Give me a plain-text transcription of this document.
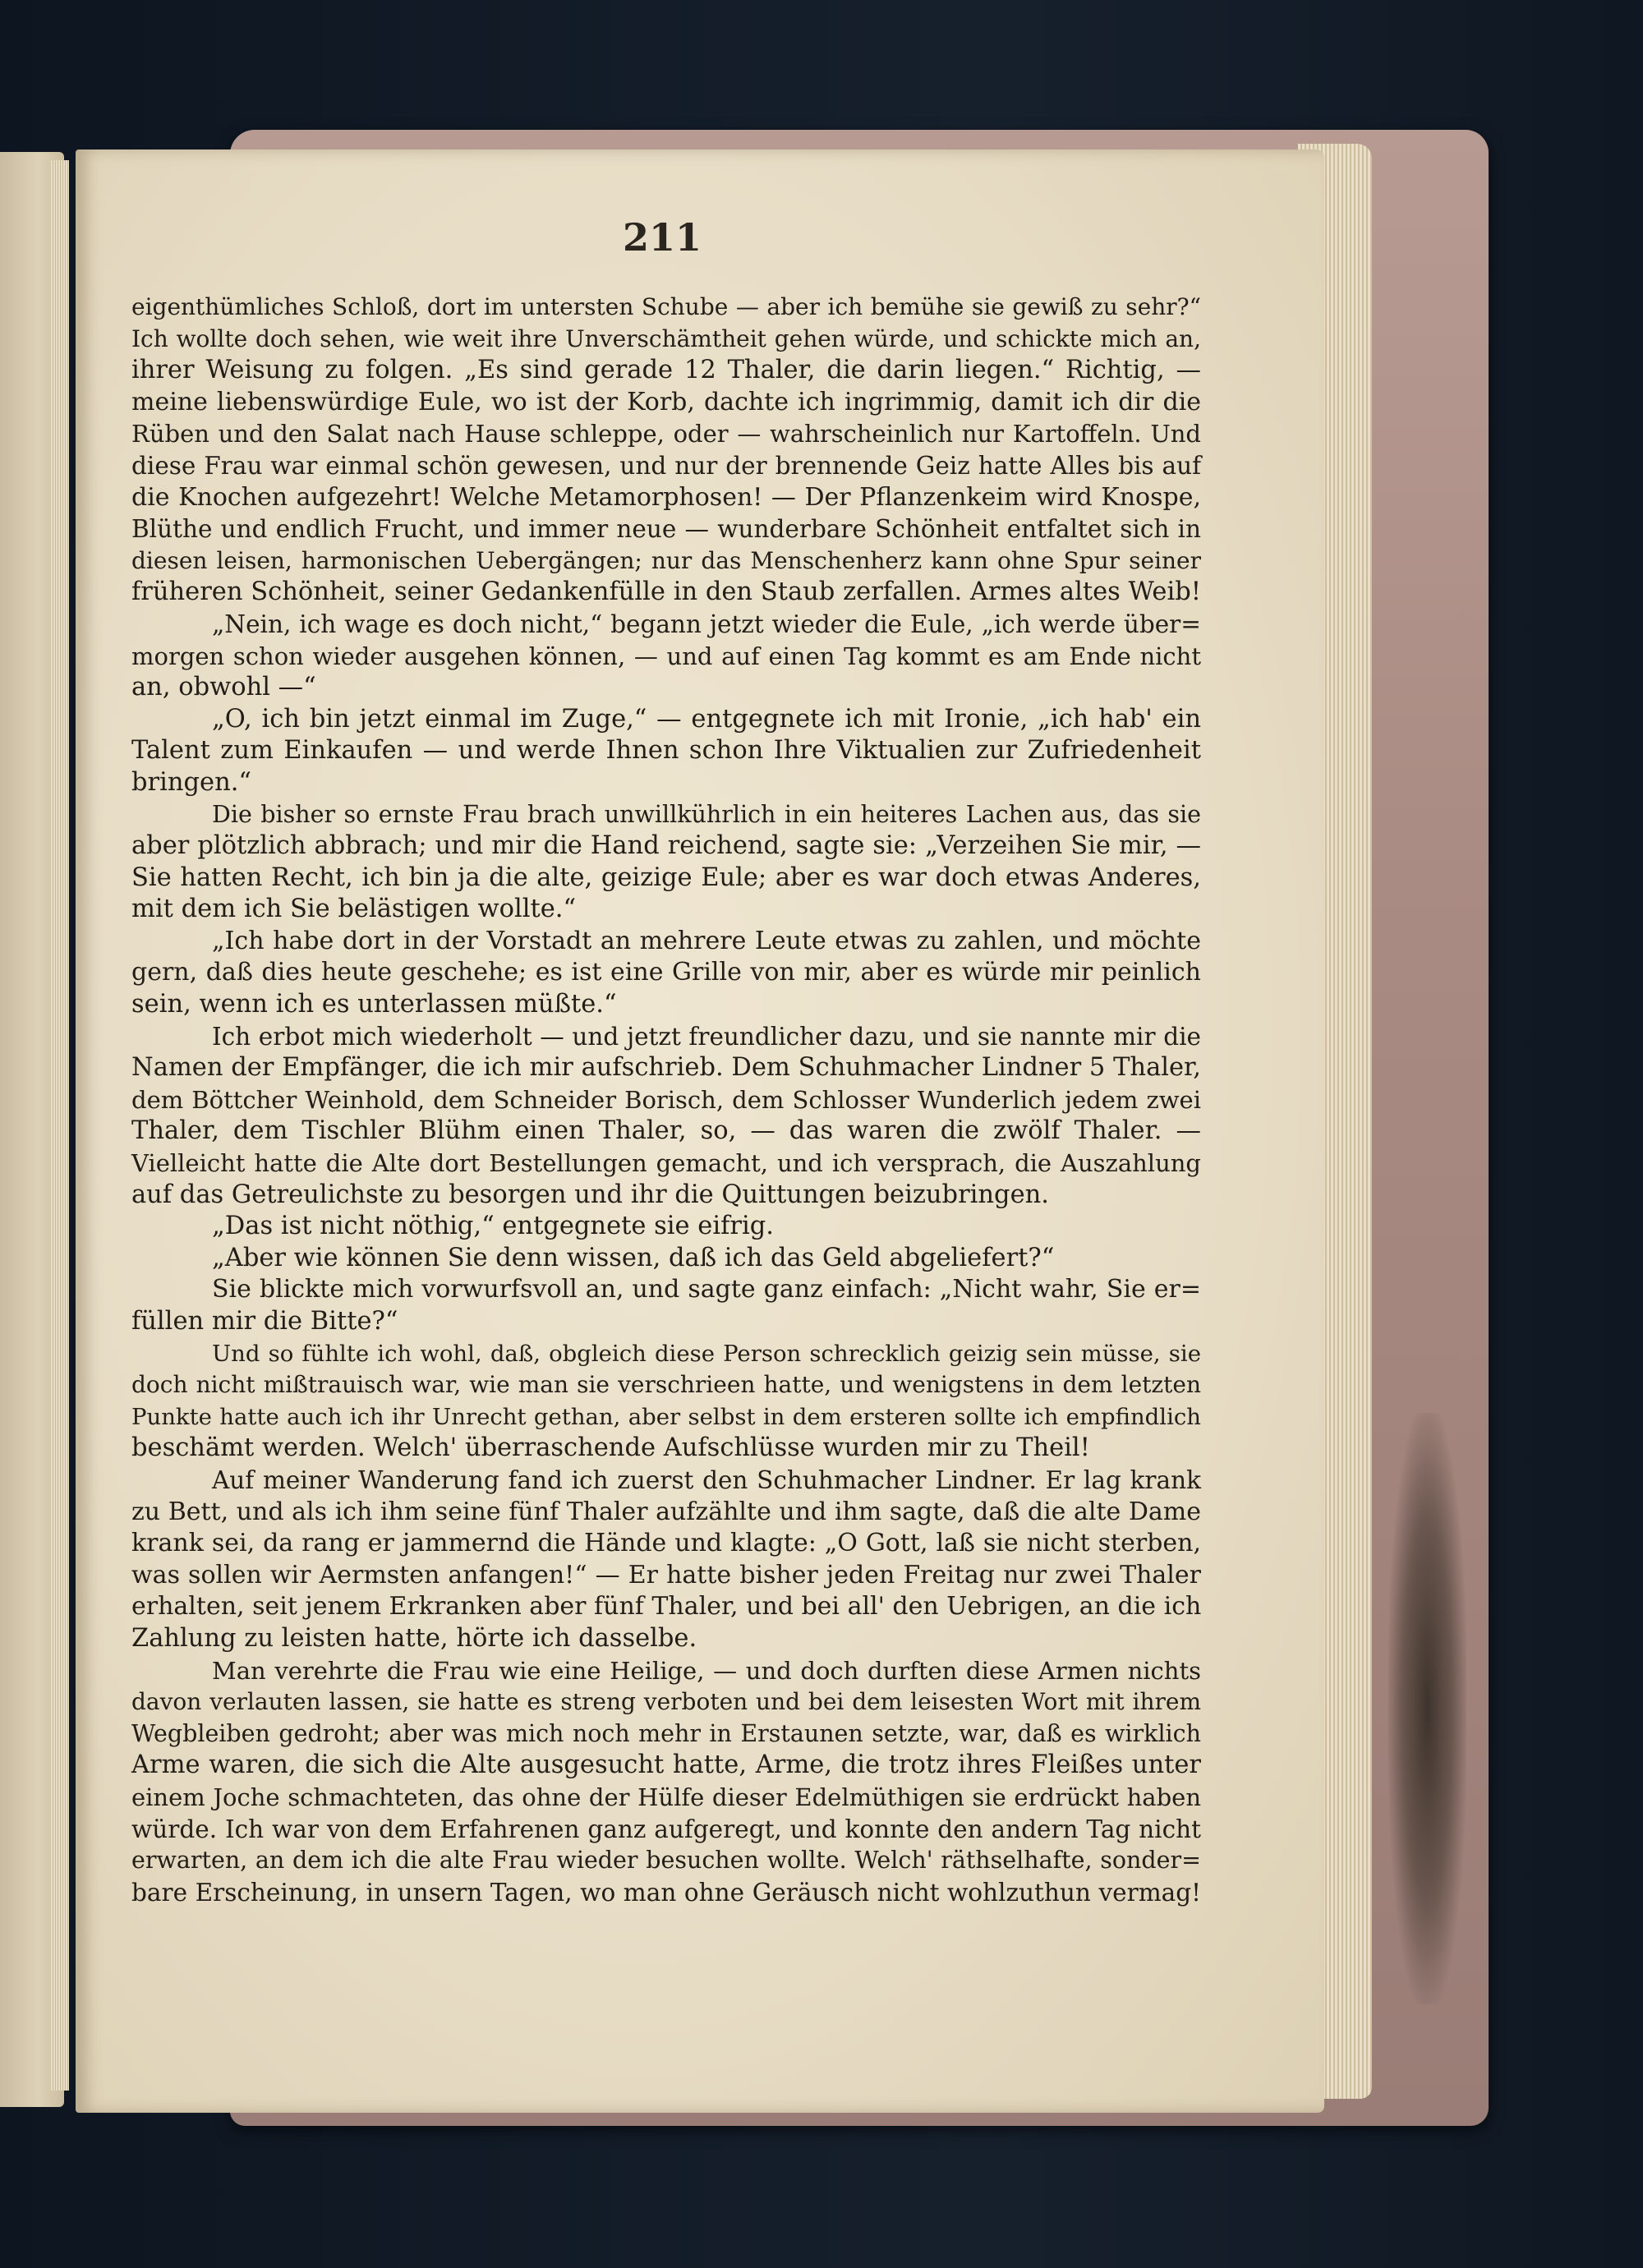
211
eigenthümliches Schloß, dort im untersten Schube — aber ich bemühe sie gewiß zu sehr?“
Ich wollte doch sehen, wie weit ihre Unverschämtheit gehen würde, und schickte mich an,
ihrer Weisung zu folgen. „Es sind gerade 12 Thaler, die darin liegen.“ Richtig, —
meine liebenswürdige Eule, wo ist der Korb, dachte ich ingrimmig, damit ich dir die
Rüben und den Salat nach Hause schleppe, oder — wahrscheinlich nur Kartoffeln. Und
diese Frau war einmal schön gewesen, und nur der brennende Geiz hatte Alles bis auf
die Knochen aufgezehrt! Welche Metamorphosen! — Der Pflanzenkeim wird Knospe,
Blüthe und endlich Frucht, und immer neue — wunderbare Schönheit entfaltet sich in
diesen leisen, harmonischen Uebergängen; nur das Menschenherz kann ohne Spur seiner
früheren Schönheit, seiner Gedankenfülle in den Staub zerfallen. Armes altes Weib!
„Nein, ich wage es doch nicht,“ begann jetzt wieder die Eule, „ich werde über=
morgen schon wieder ausgehen können, — und auf einen Tag kommt es am Ende nicht
an, obwohl —“
„O, ich bin jetzt einmal im Zuge,“ — entgegnete ich mit Ironie, „ich hab' ein
Talent zum Einkaufen — und werde Ihnen schon Ihre Viktualien zur Zufriedenheit
bringen.“
Die bisher so ernste Frau brach unwillkührlich in ein heiteres Lachen aus, das sie
aber plötzlich abbrach; und mir die Hand reichend, sagte sie: „Verzeihen Sie mir, —
Sie hatten Recht, ich bin ja die alte, geizige Eule; aber es war doch etwas Anderes,
mit dem ich Sie belästigen wollte.“
„Ich habe dort in der Vorstadt an mehrere Leute etwas zu zahlen, und möchte
gern, daß dies heute geschehe; es ist eine Grille von mir, aber es würde mir peinlich
sein, wenn ich es unterlassen müßte.“
Ich erbot mich wiederholt — und jetzt freundlicher dazu, und sie nannte mir die
Namen der Empfänger, die ich mir aufschrieb. Dem Schuhmacher Lindner 5 Thaler,
dem Böttcher Weinhold, dem Schneider Borisch, dem Schlosser Wunderlich jedem zwei
Thaler, dem Tischler Blühm einen Thaler, so, — das waren die zwölf Thaler. —
Vielleicht hatte die Alte dort Bestellungen gemacht, und ich versprach, die Auszahlung
auf das Getreulichste zu besorgen und ihr die Quittungen beizubringen.
„Das ist nicht nöthig,“ entgegnete sie eifrig.
„Aber wie können Sie denn wissen, daß ich das Geld abgeliefert?“
Sie blickte mich vorwurfsvoll an, und sagte ganz einfach: „Nicht wahr, Sie er=
füllen mir die Bitte?“
Und so fühlte ich wohl, daß, obgleich diese Person schrecklich geizig sein müsse, sie
doch nicht mißtrauisch war, wie man sie verschrieen hatte, und wenigstens in dem letzten
Punkte hatte auch ich ihr Unrecht gethan, aber selbst in dem ersteren sollte ich empfindlich
beschämt werden. Welch' überraschende Aufschlüsse wurden mir zu Theil!
Auf meiner Wanderung fand ich zuerst den Schuhmacher Lindner. Er lag krank
zu Bett, und als ich ihm seine fünf Thaler aufzählte und ihm sagte, daß die alte Dame
krank sei, da rang er jammernd die Hände und klagte: „O Gott, laß sie nicht sterben,
was sollen wir Aermsten anfangen!“ — Er hatte bisher jeden Freitag nur zwei Thaler
erhalten, seit jenem Erkranken aber fünf Thaler, und bei all' den Uebrigen, an die ich
Zahlung zu leisten hatte, hörte ich dasselbe.
Man verehrte die Frau wie eine Heilige, — und doch durften diese Armen nichts
davon verlauten lassen, sie hatte es streng verboten und bei dem leisesten Wort mit ihrem
Wegbleiben gedroht; aber was mich noch mehr in Erstaunen setzte, war, daß es wirklich
Arme waren, die sich die Alte ausgesucht hatte, Arme, die trotz ihres Fleißes unter
einem Joche schmachteten, das ohne der Hülfe dieser Edelmüthigen sie erdrückt haben
würde. Ich war von dem Erfahrenen ganz aufgeregt, und konnte den andern Tag nicht
erwarten, an dem ich die alte Frau wieder besuchen wollte. Welch' räthselhafte, sonder=
bare Erscheinung, in unsern Tagen, wo man ohne Geräusch nicht wohlzuthun vermag!
